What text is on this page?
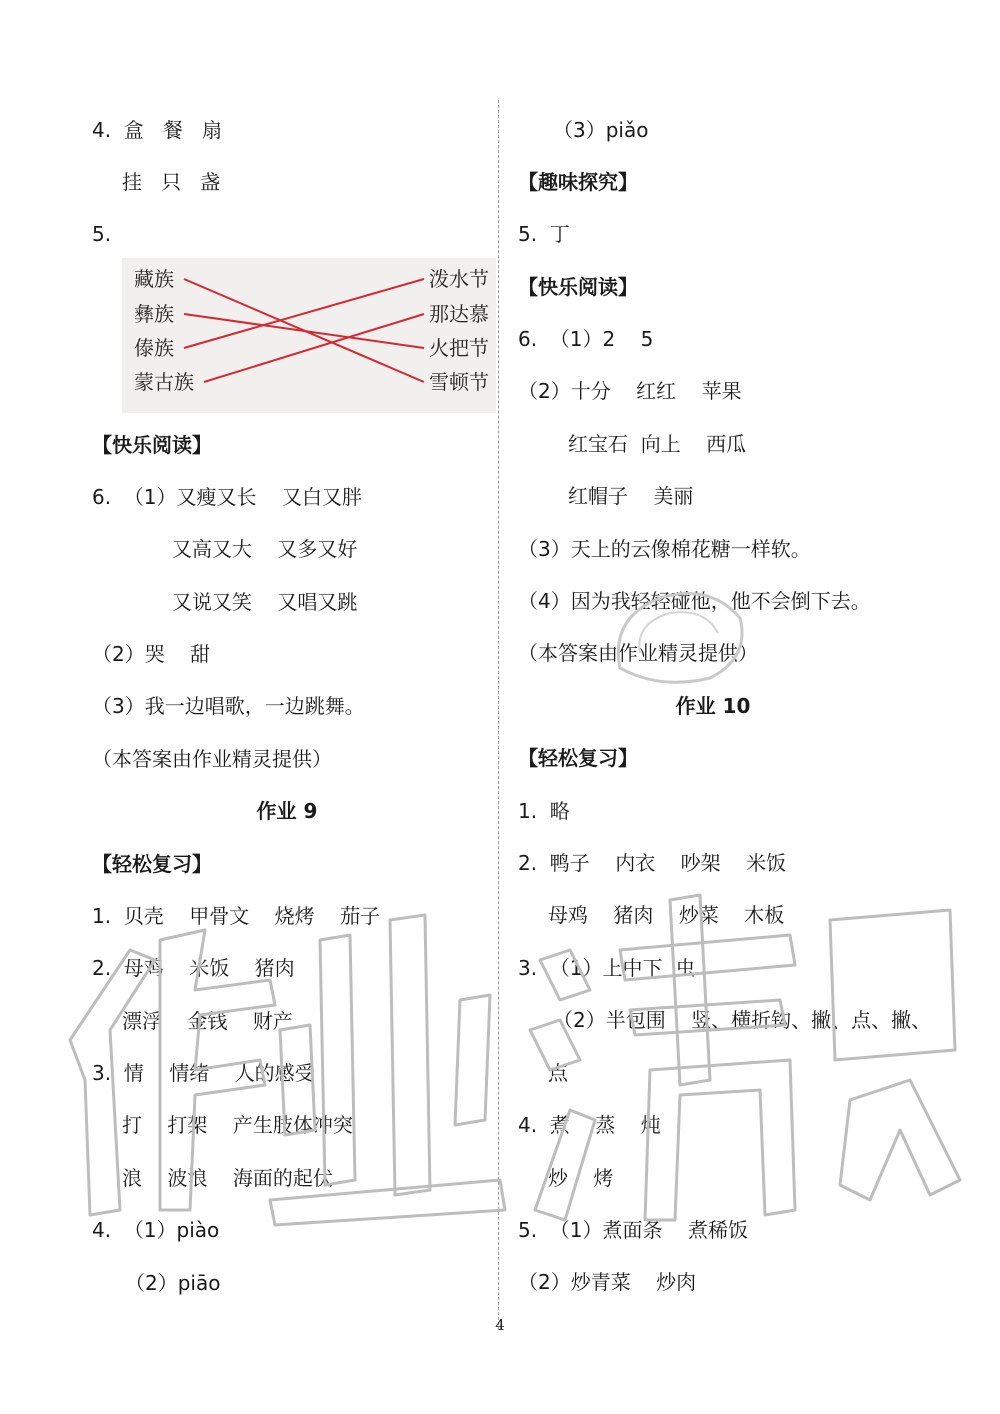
4.  盒   餐   扇
挂   只   盏
5.
藏族
彝族
傣族
蒙古族
泼水节
那达慕
火把节
雪顿节
【快乐阅读】
6.  （1）又瘦又长    又白又胖
又高又大    又多又好
又说又笑    又唱又跳
（2）哭    甜
（3）我一边唱歌，一边跳舞。
（本答案由作业精灵提供）
作业 9
【轻松复习】
1.  贝壳    甲骨文    烧烤    茄子
2.  母鸡    米饭    猪肉
漂浮    金钱    财产
3.  情    情绪    人的感受
打    打架    产生肢体冲突
浪    波浪    海面的起伏
4.  （1）piào
（2）piāo
（3）piǎo
【趣味探究】
5.  丁
【快乐阅读】
6.  （1）2    5
（2）十分    红红    苹果
红宝石  向上    西瓜
红帽子    美丽
（3）天上的云像棉花糖一样软。
（4）因为我轻轻碰他，他不会倒下去。
（本答案由作业精灵提供）
作业 10
【轻松复习】
1.  略
2.  鸭子    内衣    吵架    米饭
母鸡    猪肉    炒菜    木板
3.  （1）上中下  虫
（2）半包围    竖、横折钩、撇、点、撇、
点
4.  煮    蒸    炖
炒    烤
5.  （1）煮面条    煮稀饭
（2）炒青菜    炒肉
4
